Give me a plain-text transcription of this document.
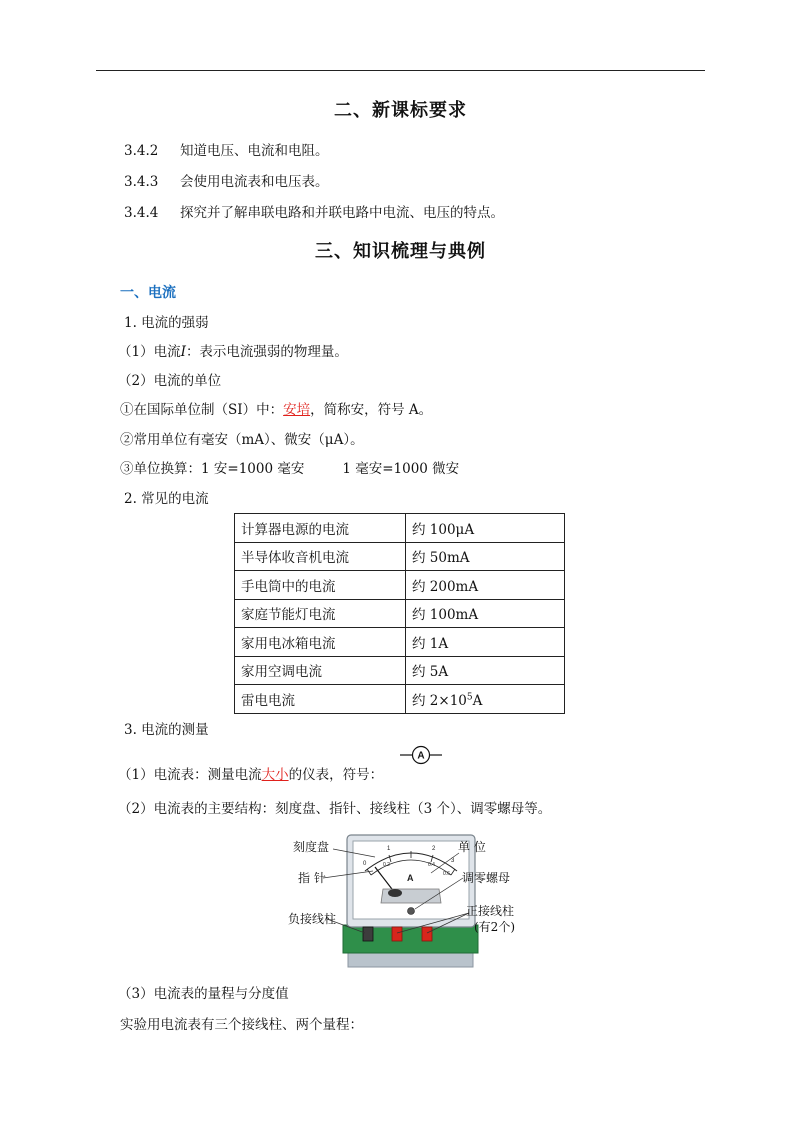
二、新课标要求
3.4.2 知道电压、电流和电阻。
3.4.3 会使用电流表和电压表。
3.4.4 探究并了解串联电路和并联电路中电流、电压的特点。
三、知识梳理与典例
一、电流
1. 电流的强弱
（1）电流I：表示电流强弱的物理量。
（2）电流的单位
①在国际单位制（SI）中：安培，简称安，符号 A。
②常用单位有毫安（mA）、微安（μA）。
③单位换算：1 安=1000 毫安	1 毫安=1000 微安
2. 常见的电流
计算器电源的电流	约 100μA
半导体收音机电流	约 50mA
手电筒中的电流	约 200mA
家庭节能灯电流	约 100mA
家用电冰箱电流	约 1A
家用空调电流	约 5A
雷电电流	约 $2\times 10^5A$
3. 电流的测量
（1）电流表：测量电流大小的仪表，符号：
A
（2）电流表的主要结构：刻度盘、指针、接线柱（3 个）、调零螺母等。
0
1
0.2
2
0.4
3
0.6
A
刻度盘
指 针
单 位
调零螺母
负接线柱
正接线柱
(有2个)
（3）电流表的量程与分度值
实验用电流表有三个接线柱、两个量程：
